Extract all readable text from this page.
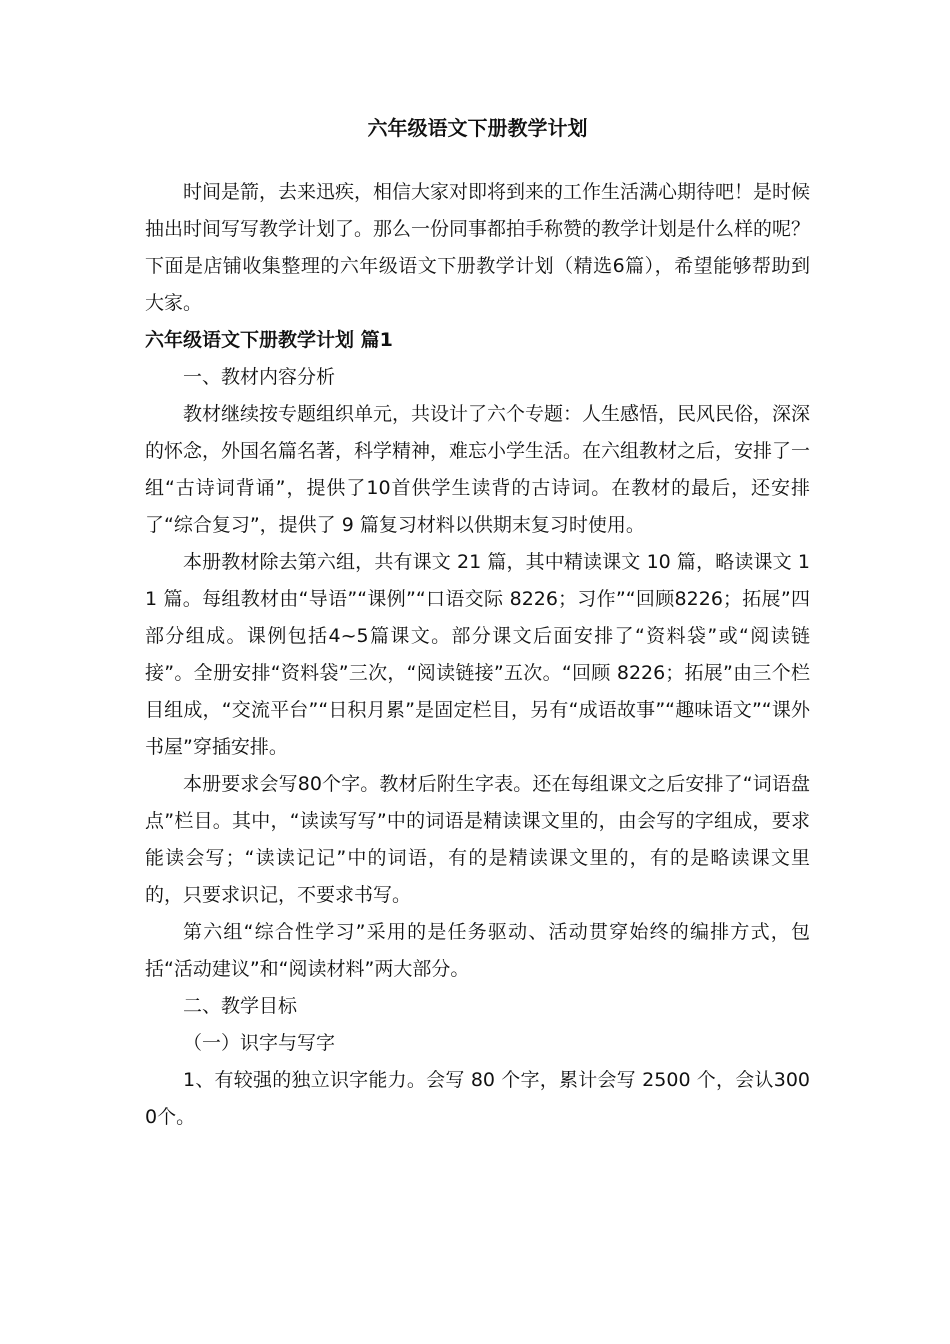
六年级语文下册教学计划

时间是箭，去来迅疾，相信大家对即将到来的工作生活满心期待吧！是时候抽出时间写写教学计划了。那么一份同事都拍手称赞的教学计划是什么样的呢？下面是店铺收集整理的六年级语文下册教学计划（精选6篇），希望能够帮助到大家。

六年级语文下册教学计划 篇1

一、教材内容分析

教材继续按专题组织单元，共设计了六个专题：人生感悟，民风民俗，深深的怀念，外国名篇名著，科学精神，难忘小学生活。在六组教材之后，安排了一组“古诗词背诵”，提供了10首供学生读背的古诗词。在教材的最后，还安排了“综合复习”，提供了 9 篇复习材料以供期末复习时使用。

本册教材除去第六组，共有课文 21 篇，其中精读课文 10 篇，略读课文 11 篇。每组教材由“导语”“课例”“口语交际 8226；习作”“回顾8226；拓展”四部分组成。课例包括4~5篇课文。部分课文后面安排了“资料袋”或“阅读链接”。全册安排“资料袋”三次，“阅读链接”五次。“回顾 8226；拓展”由三个栏目组成，“交流平台”“日积月累”是固定栏目，另有“成语故事”“趣味语文”“课外书屋”穿插安排。

本册要求会写80个字。教材后附生字表。还在每组课文之后安排了“词语盘点”栏目。其中，“读读写写”中的词语是精读课文里的，由会写的字组成，要求能读会写；“读读记记”中的词语，有的是精读课文里的，有的是略读课文里的，只要求识记，不要求书写。

第六组“综合性学习”采用的是任务驱动、活动贯穿始终的编排方式，包括“活动建议”和“阅读材料”两大部分。

二、教学目标

（一）识字与写字

1、有较强的独立识字能力。会写 80 个字，累计会写 2500 个，会认3000个。
